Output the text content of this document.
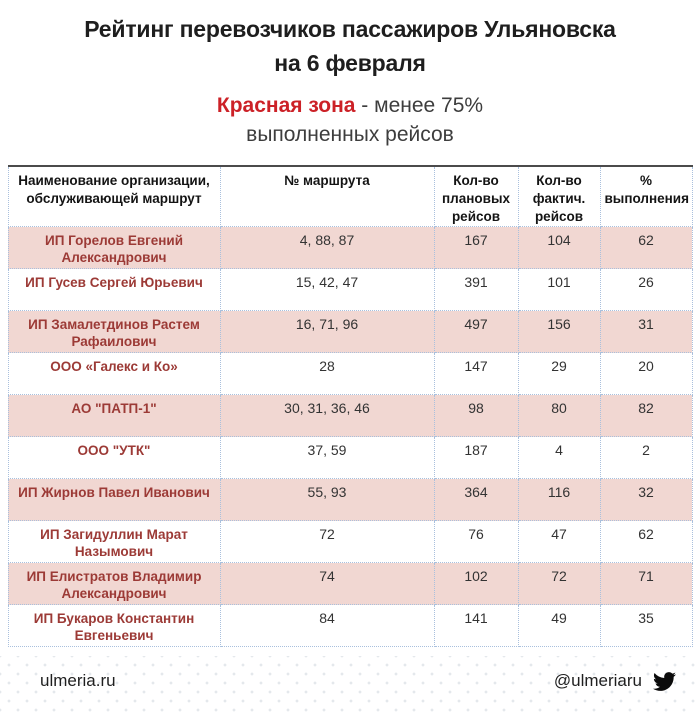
Рейтинг перевозчиков пассажиров Ульяновска
на 6 февраля
Красная зона - менее 75%
выполненных рейсов
Наименование организации, обслуживающей маршрут	№ маршрута	Кол-во плановых рейсов	Кол-во фактич. рейсов	% выполнения
ИП Горелов Евгений Александрович	4, 88, 87	167	104	62
ИП Гусев Сергей Юрьевич	15, 42, 47	391	101	26
ИП Замалетдинов Растем Рафаилович	16, 71, 96	497	156	31
ООО «Галекс и Ко»	28	147	29	20
АО "ПАТП-1"	30, 31, 36, 46	98	80	82
ООО "УТК"	37, 59	187	4	2
ИП Жирнов Павел Иванович	55, 93	364	116	32
ИП Загидуллин Марат Назымович	72	76	47	62
ИП Елистратов Владимир Александрович	74	102	72	71
ИП Букаров Константин Евгеньевич	84	141	49	35
ulmeria.ru	@ulmeriaru
